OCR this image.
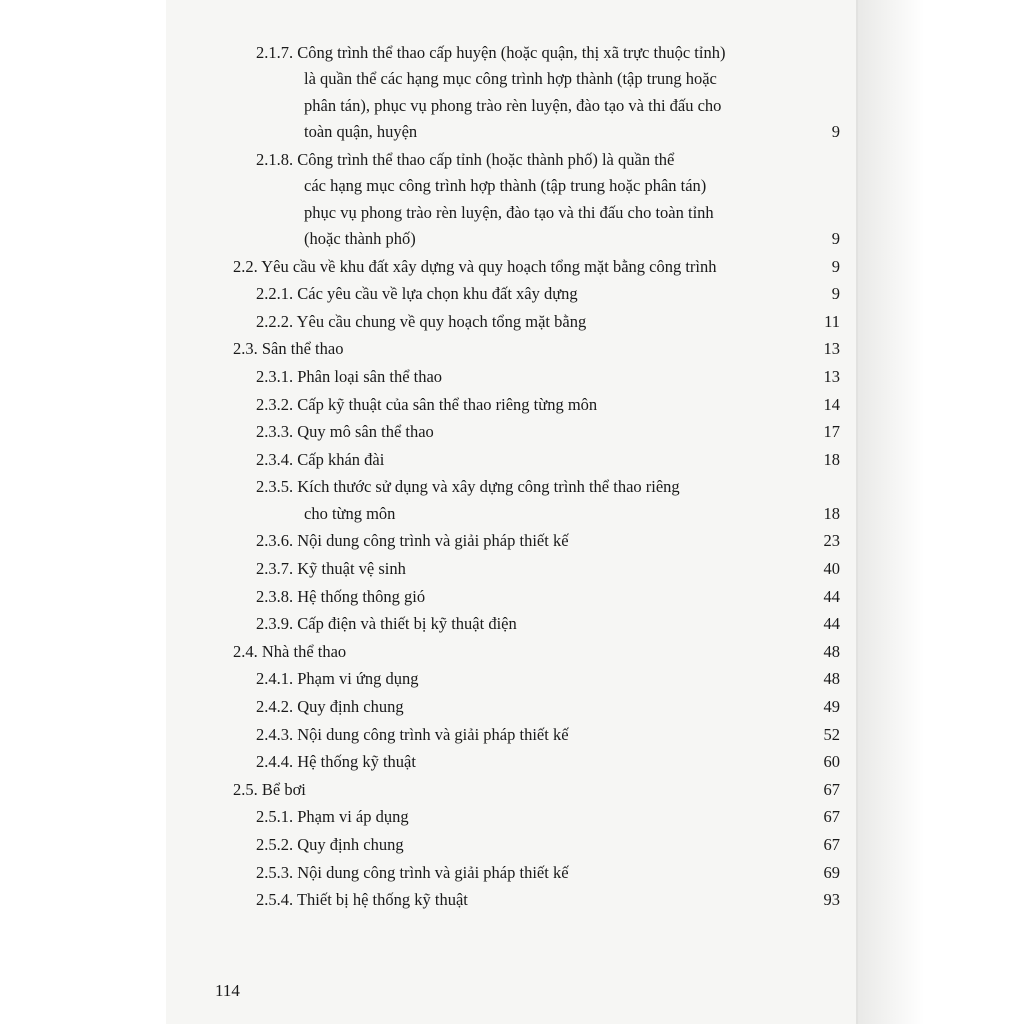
2.1.7. Công trình thể thao cấp huyện (hoặc quận, thị xã trực thuộc tỉnh)
là quần thể các hạng mục công trình hợp thành (tập trung hoặc
phân tán), phục vụ phong trào rèn luyện, đào tạo và thi đấu cho
toàn quận, huyện	9
2.1.8. Công trình thể thao cấp tỉnh (hoặc thành phố) là quần thể
các hạng mục công trình hợp thành (tập trung hoặc phân tán)
phục vụ phong trào rèn luyện, đào tạo và thi đấu cho toàn tỉnh
(hoặc thành phố)	9
2.2. Yêu cầu về khu đất xây dựng và quy hoạch tổng mặt bằng công trình	9
2.2.1. Các yêu cầu về lựa chọn khu đất xây dựng	9
2.2.2. Yêu cầu chung về quy hoạch tổng mặt bằng	11
2.3. Sân thể thao	13
2.3.1. Phân loại sân thể thao	13
2.3.2. Cấp kỹ thuật của sân thể thao riêng từng môn	14
2.3.3. Quy mô sân thể thao	17
2.3.4. Cấp khán đài	18
2.3.5. Kích thước sử dụng và xây dựng công trình thể thao riêng
cho từng môn	18
2.3.6. Nội dung công trình và giải pháp thiết kế	23
2.3.7. Kỹ thuật vệ sinh	40
2.3.8. Hệ thống thông gió	44
2.3.9. Cấp điện và thiết bị kỹ thuật điện	44
2.4. Nhà thể thao	48
2.4.1. Phạm vi ứng dụng	48
2.4.2. Quy định chung	49
2.4.3. Nội dung công trình và giải pháp thiết kế	52
2.4.4. Hệ thống kỹ thuật	60
2.5. Bể bơi	67
2.5.1. Phạm vi áp dụng	67
2.5.2. Quy định chung	67
2.5.3. Nội dung công trình và giải pháp thiết kế	69
2.5.4. Thiết bị hệ thống kỹ thuật	93
114
